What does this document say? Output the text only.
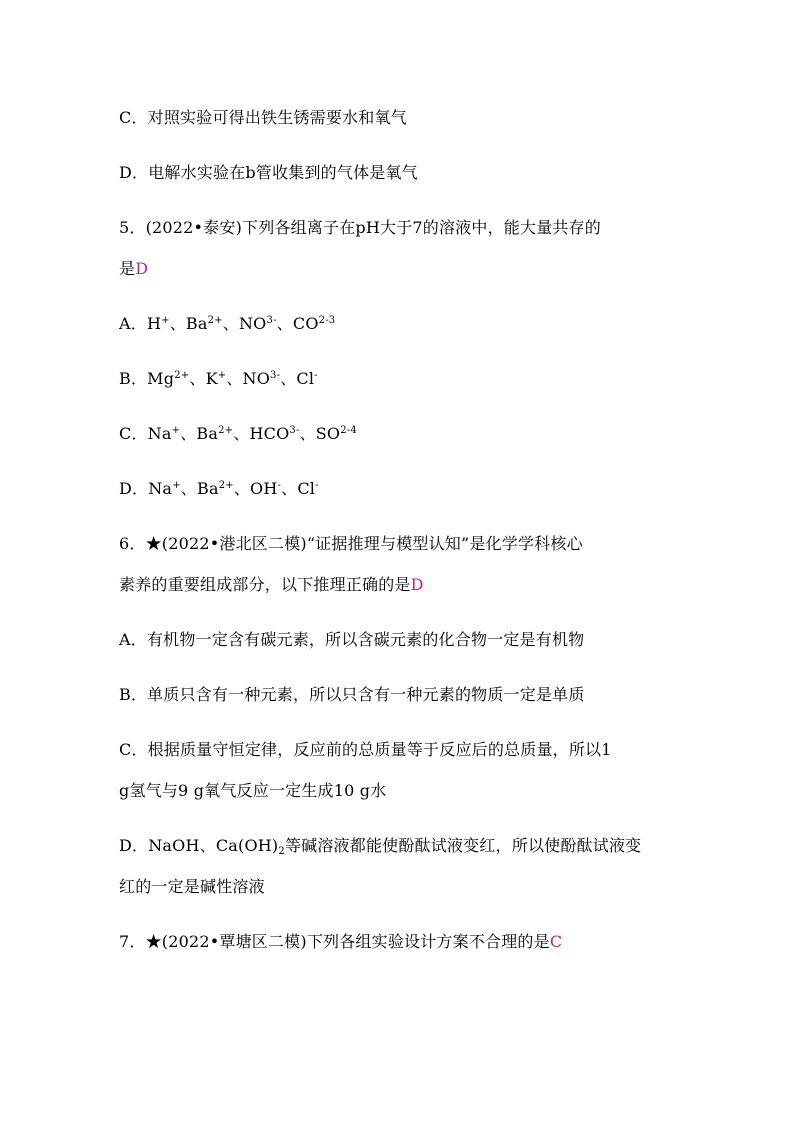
C．对照实验可得出铁生锈需要水和氧气
D．电解水实验在b管收集到的气体是氧气
5．(2022•泰安)下列各组离子在pH大于7的溶液中，能大量共存的
是D
A．H+、$Ba^{2+}$、$NO^{3-}$、CO$^{2-3}$
B．$Mg^{2+}$、K+、$NO^{3-}$、Cl-
C．Na+、$Ba^{2+}$、$HCO^{3-}$、SO$^{2-4}$
D．Na+、$Ba^{2+}$、OH-、Cl-
6．★(2022•港北区二模)“证据推理与模型认知”是化学学科核心
素养的重要组成部分，以下推理正确的是D
A．有机物一定含有碳元素，所以含碳元素的化合物一定是有机物
B．单质只含有一种元素，所以只含有一种元素的物质一定是单质
C．根据质量守恒定律，反应前的总质量等于反应后的总质量，所以1
g氢气与9 g氧气反应一定生成10 g水
D．NaOH、$Ca(OH)_2$等碱溶液都能使酚酞试液变红，所以使酚酞试液变
红的一定是碱性溶液
7．★(2022•覃塘区二模)下列各组实验设计方案不合理的是C
